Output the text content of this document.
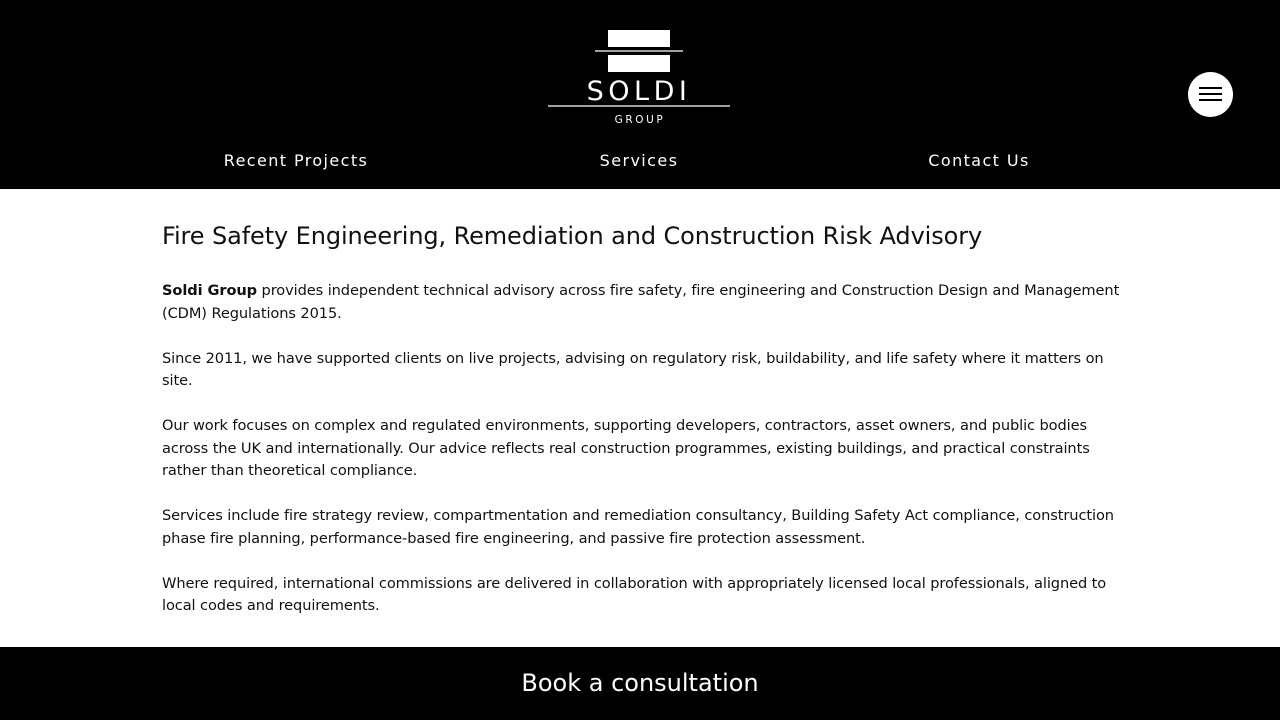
SOLDI
GROUP
Recent Projects	Services	Contact Us
Fire Safety Engineering, Remediation and Construction Risk Advisory

Soldi Group provides independent technical advisory across fire safety, fire engineering and Construction Design and Management (CDM) Regulations 2015.

Since 2011, we have supported clients on live projects, advising on regulatory risk, buildability, and life safety where it matters on site.

Our work focuses on complex and regulated environments, supporting developers, contractors, asset owners, and public bodies across the UK and internationally. Our advice reflects real construction programmes, existing buildings, and practical constraints rather than theoretical compliance.

Services include fire strategy review, compartmentation and remediation consultancy, Building Safety Act compliance, construction phase fire planning, performance-based fire engineering, and passive fire protection assessment.

Where required, international commissions are delivered in collaboration with appropriately licensed local professionals, aligned to local codes and requirements.

Book a consultation
